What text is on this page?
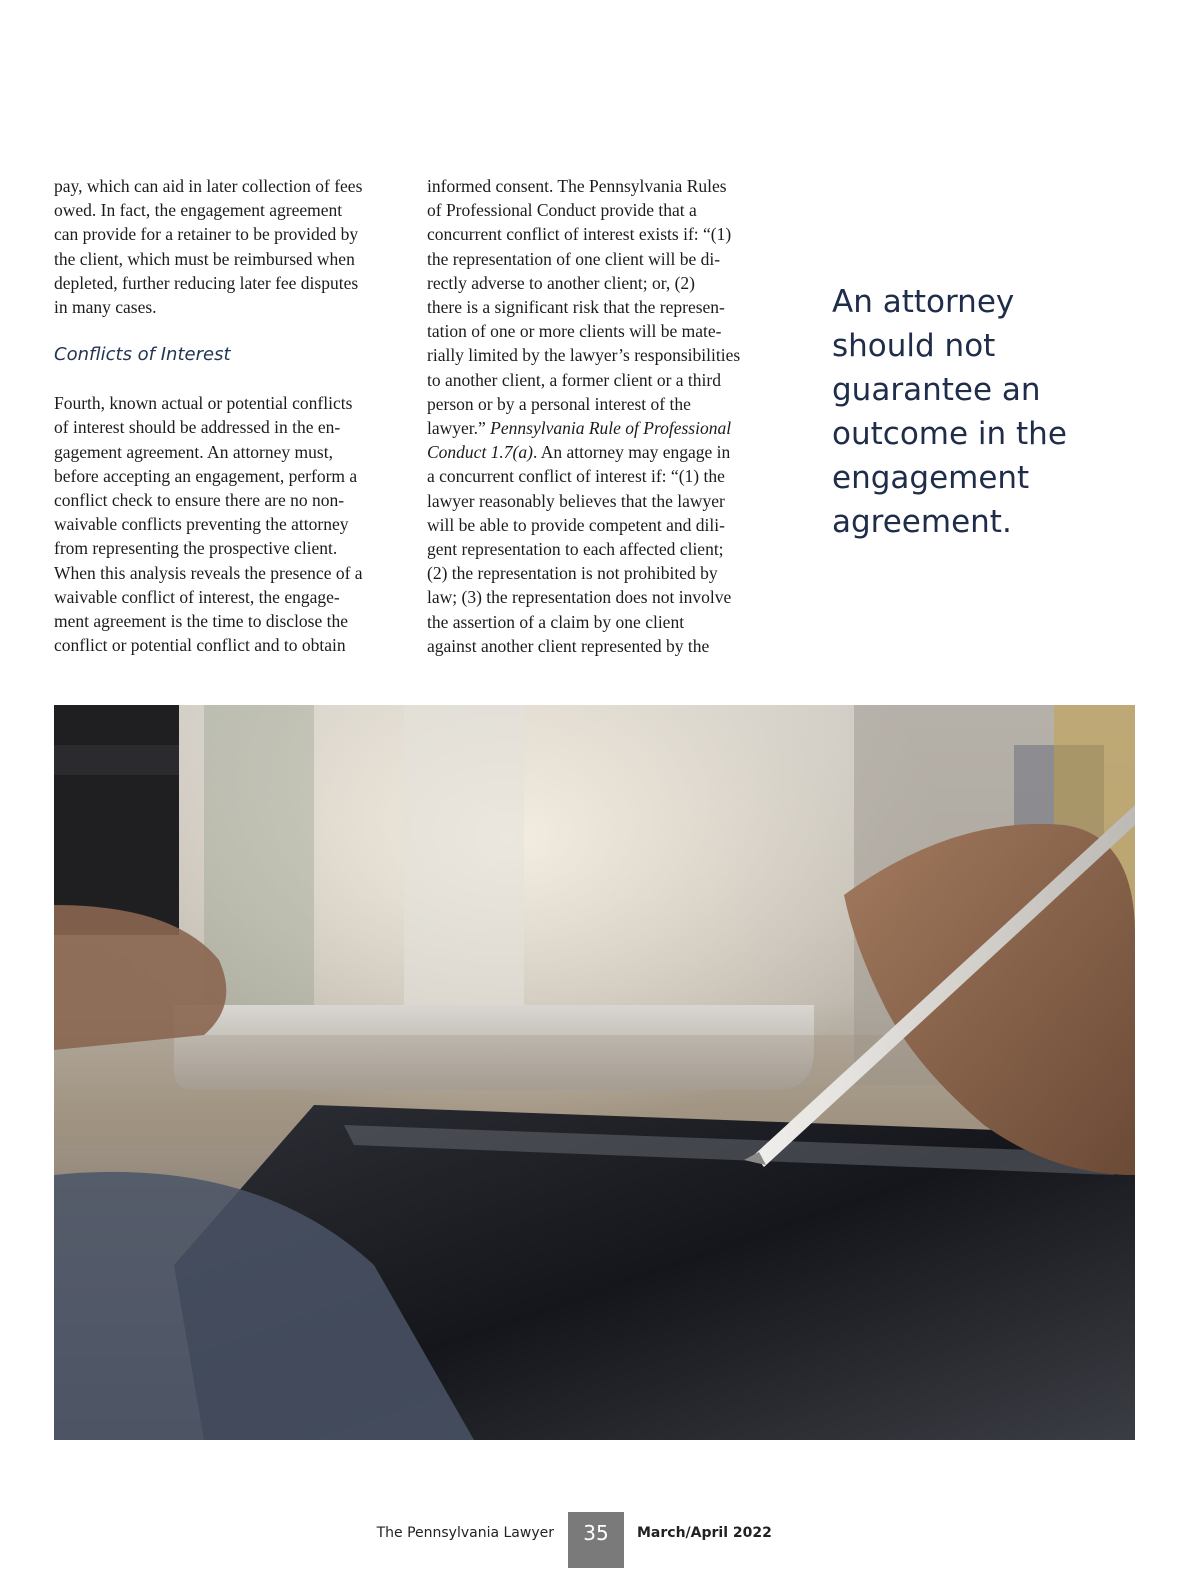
pay, which can aid in later collection of fees
owed. In fact, the engagement agreement
can provide for a retainer to be provided by
the client, which must be reimbursed when
depleted, further reducing later fee disputes
in many cases.
Conflicts of Interest
Fourth, known actual or potential conflicts
of interest should be addressed in the en-
gagement agreement. An attorney must,
before accepting an engagement, perform a
conflict check to ensure there are no non-
waivable conflicts preventing the attorney
from representing the prospective client.
When this analysis reveals the presence of a
waivable conflict of interest, the engage-
ment agreement is the time to disclose the
conflict or potential conflict and to obtain
informed consent. The Pennsylvania Rules
of Professional Conduct provide that a
concurrent conflict of interest exists if: “(1)
the representation of one client will be di-
rectly adverse to another client; or, (2)
there is a significant risk that the represen-
tation of one or more clients will be mate-
rially limited by the lawyer’s responsibilities
to another client, a former client or a third
person or by a personal interest of the
lawyer.” Pennsylvania Rule of Professional
Conduct 1.7(a). An attorney may engage in
a concurrent conflict of interest if: “(1) the
lawyer reasonably believes that the lawyer
will be able to provide competent and dili-
gent representation to each affected client;
(2) the representation is not prohibited by
law; (3) the representation does not involve
the assertion of a claim by one client
against another client represented by the
An attorney
should not
guarantee an
outcome in the
engagement
agreement.
The Pennsylvania Lawyer	35	March/April 2022
